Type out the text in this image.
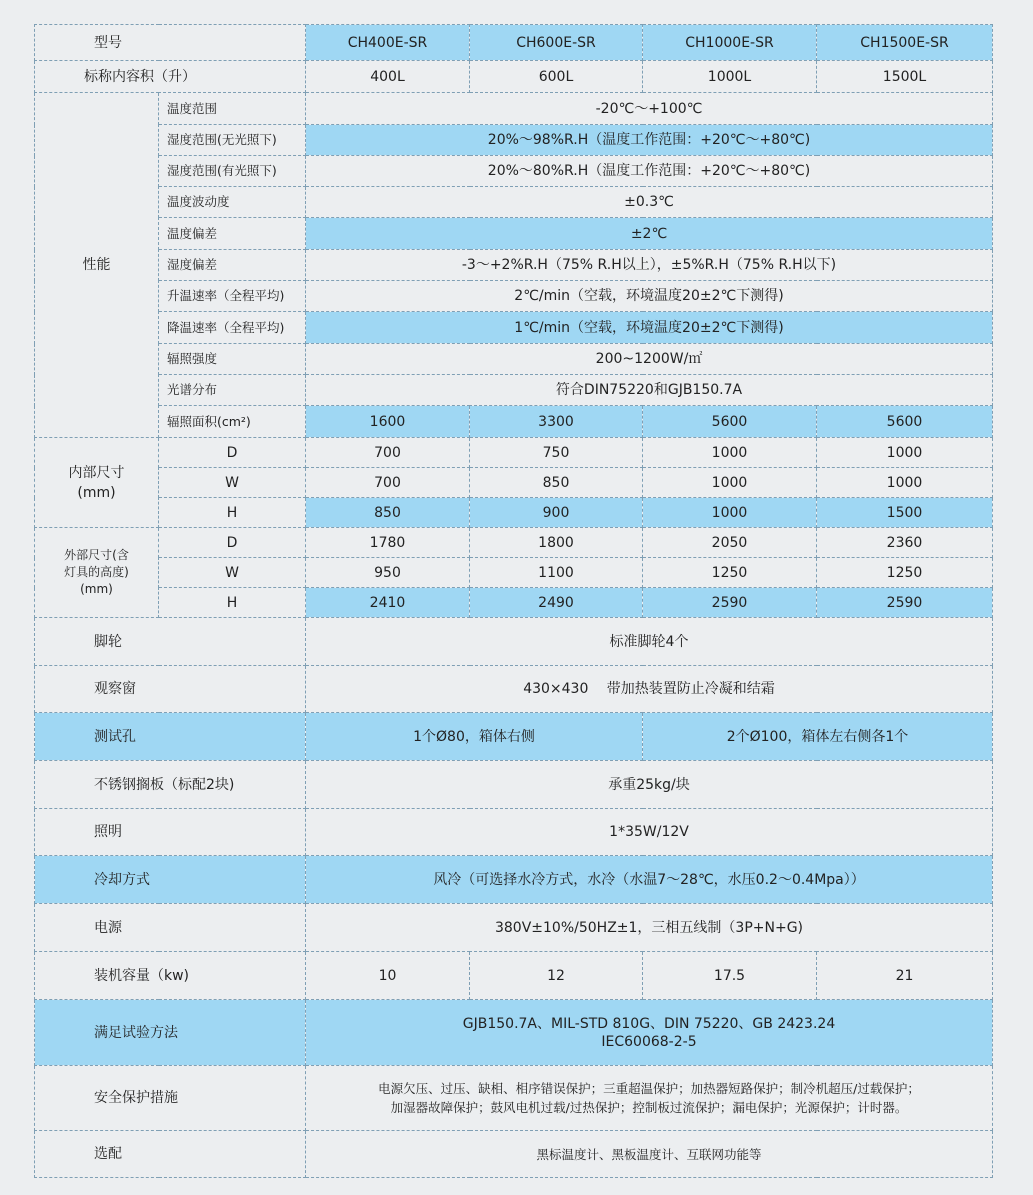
型号		CH400E-SR	CH600E-SR	CH1000E-SR	CH1500E-SR
标称内容积（升）		400L	600L	1000L	1500L
性能	温度范围	-20℃～+100℃			
	湿度范围(无光照下)	20%～98%R.H（温度工作范围：+20℃～+80℃)			
	湿度范围(有光照下)	20%～80%R.H（温度工作范围：+20℃～+80℃)			
	温度波动度	±0.3℃			
	温度偏差	±2℃			
	湿度偏差	-3～+2%R.H（75% R.H以上），±5%R.H（75% R.H以下)			
	升温速率（全程平均)	2℃/min（空载，环境温度20±2℃下测得)			
	降温速率（全程平均)	1℃/min（空载，环境温度20±2℃下测得)			
	辐照强度	200~1200W/㎡			
	光谱分布	符合DIN75220和GJB150.7A			
	辐照面积(cm²)	1600	3300	5600	5600

内部尺寸
(mm)	D	700	750	1000	1000
	W	700	850	1000	1000
	H	850	900	1000	1500

外部尺寸(含
灯具的高度)
(mm)	D	1780	1800	2050	2360
	W	950	1100	1250	1250
	H	2410	2490	2590	2590
脚轮		标准脚轮4个			
观察窗		430×430　 带加热装置防止冷凝和结霜			
测试孔		1个Ø80，箱体右侧		2个Ø100，箱体左右侧各1个	
不锈钢搁板（标配2块)		承重25kg/块			
照明		1*35W/12V			
冷却方式		风冷（可选择水冷方式，水冷（水温7～28℃，水压0.2～0.4Mpa））			
电源		380V±10%/50HZ±1，三相五线制（3P+N+G)			
装机容量（kw)		10	12	17.5	21
满足试验方法		GJB150.7A、MIL-STD 810G、DIN 75220、GB 2423.24
IEC60068-2-5			

安全保护措施		电源欠压、过压、缺相、相序错误保护；三重超温保护；加热器短路保护；制冷机超压/过载保护；
加湿器故障保护；鼓风电机过载/过热保护；控制板过流保护；漏电保护；光源保护；计时器。			

选配		黑标温度计、黑板温度计、互联网功能等			
